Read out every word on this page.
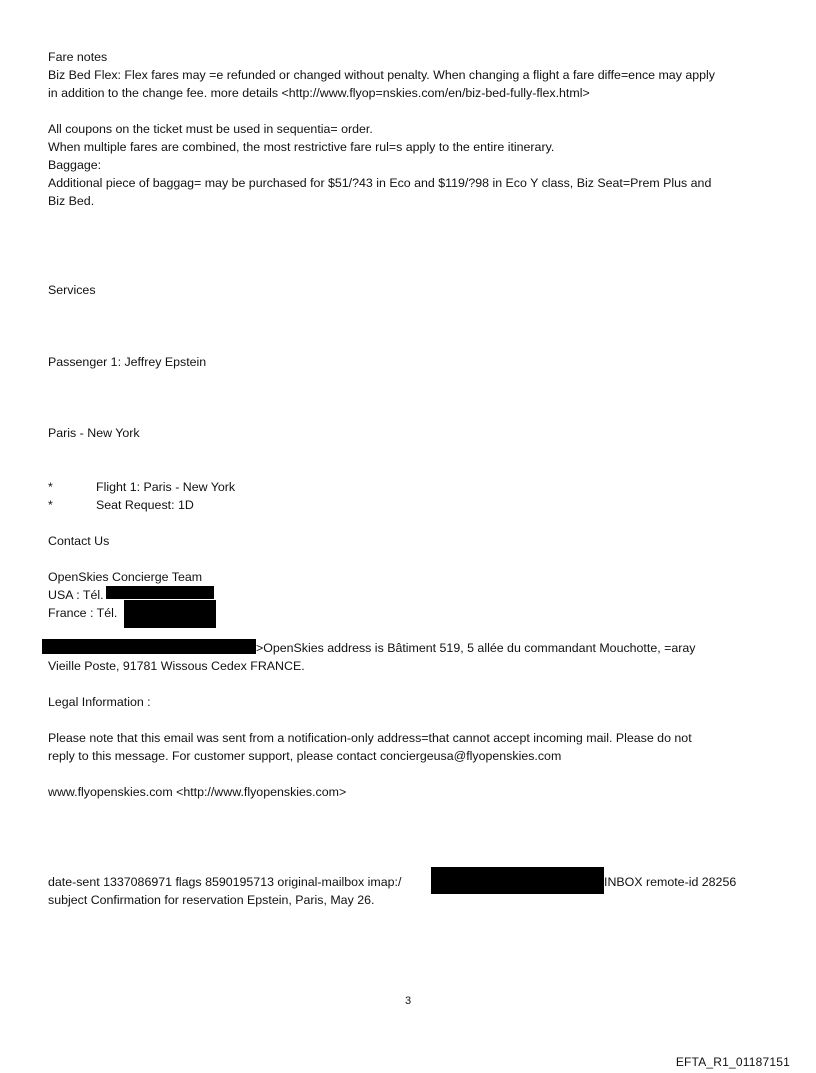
Fare notes
Biz Bed Flex: Flex fares may =e refunded or changed without penalty. When changing a flight a fare diffe=ence may apply
in addition to the change fee. more details <http://www.flyop=nskies.com/en/biz-bed-fully-flex.html>
All coupons on the ticket must be used in sequentia= order.
When multiple fares are combined, the most restrictive fare rul=s apply to the entire itinerary.
Baggage:
Additional piece of baggag= may be purchased for $51/?43 in Eco and $119/?98 in Eco Y class, Biz Seat=Prem Plus and
Biz Bed.
Services
Passenger 1: Jeffrey Epstein
Paris - New York
*	Flight 1: Paris - New York
*	Seat Request: 1D
Contact Us
OpenSkies Concierge Team
USA : Tél.
France : Tél.
>OpenSkies address is Bâtiment 519, 5 allée du commandant Mouchotte, =aray
Vieille Poste, 91781 Wissous Cedex FRANCE.
Legal Information :
Please note that this email was sent from a notification-only address=that cannot accept incoming mail. Please do not
reply to this message. For customer support, please contact conciergeusa@flyopenskies.com
www.flyopenskies.com <http://www.flyopenskies.com>
date-sent 1337086971 flags 8590195713 original-mailbox imap:/	INBOX remote-id 28256
subject Confirmation for reservation Epstein, Paris, May 26.
3
EFTA_R1_01187151
